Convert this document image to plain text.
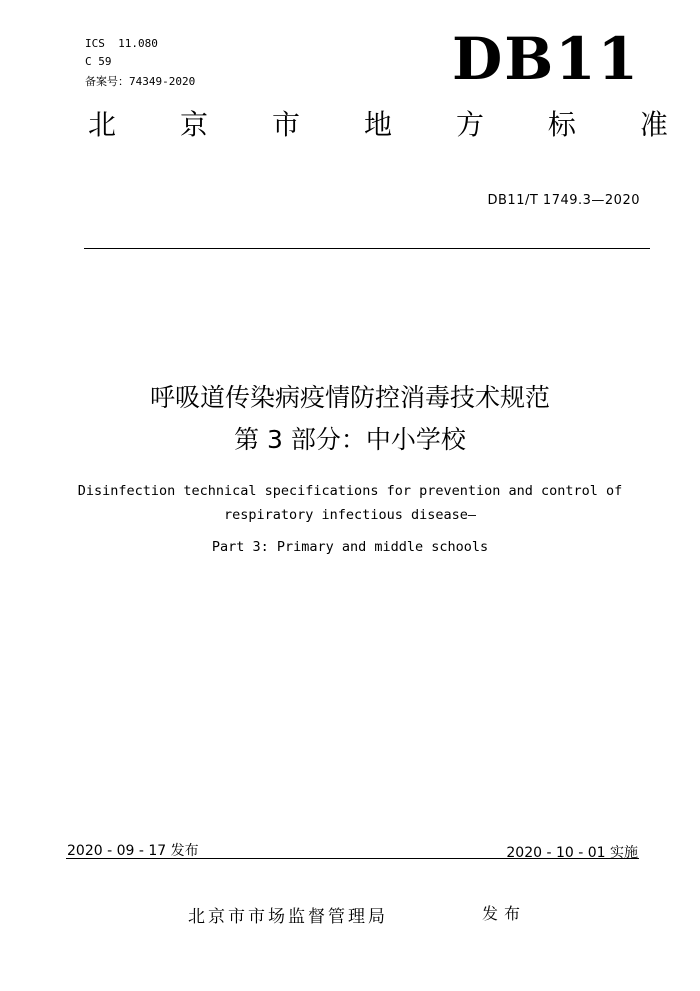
ICS  11.080
C 59
备案号：74349-2020	DB11
北 京 市 地 方 标 准
DB11/T 1749.3—2020
呼吸道传染病疫情防控消毒技术规范
第 3 部分：中小学校
Disinfection technical specifications for prevention and control of
respiratory infectious disease—
Part 3: Primary and middle schools
2020 - 09 - 17 发布	2020 - 10 - 01 实施
北京市市场监督管理局	发布
